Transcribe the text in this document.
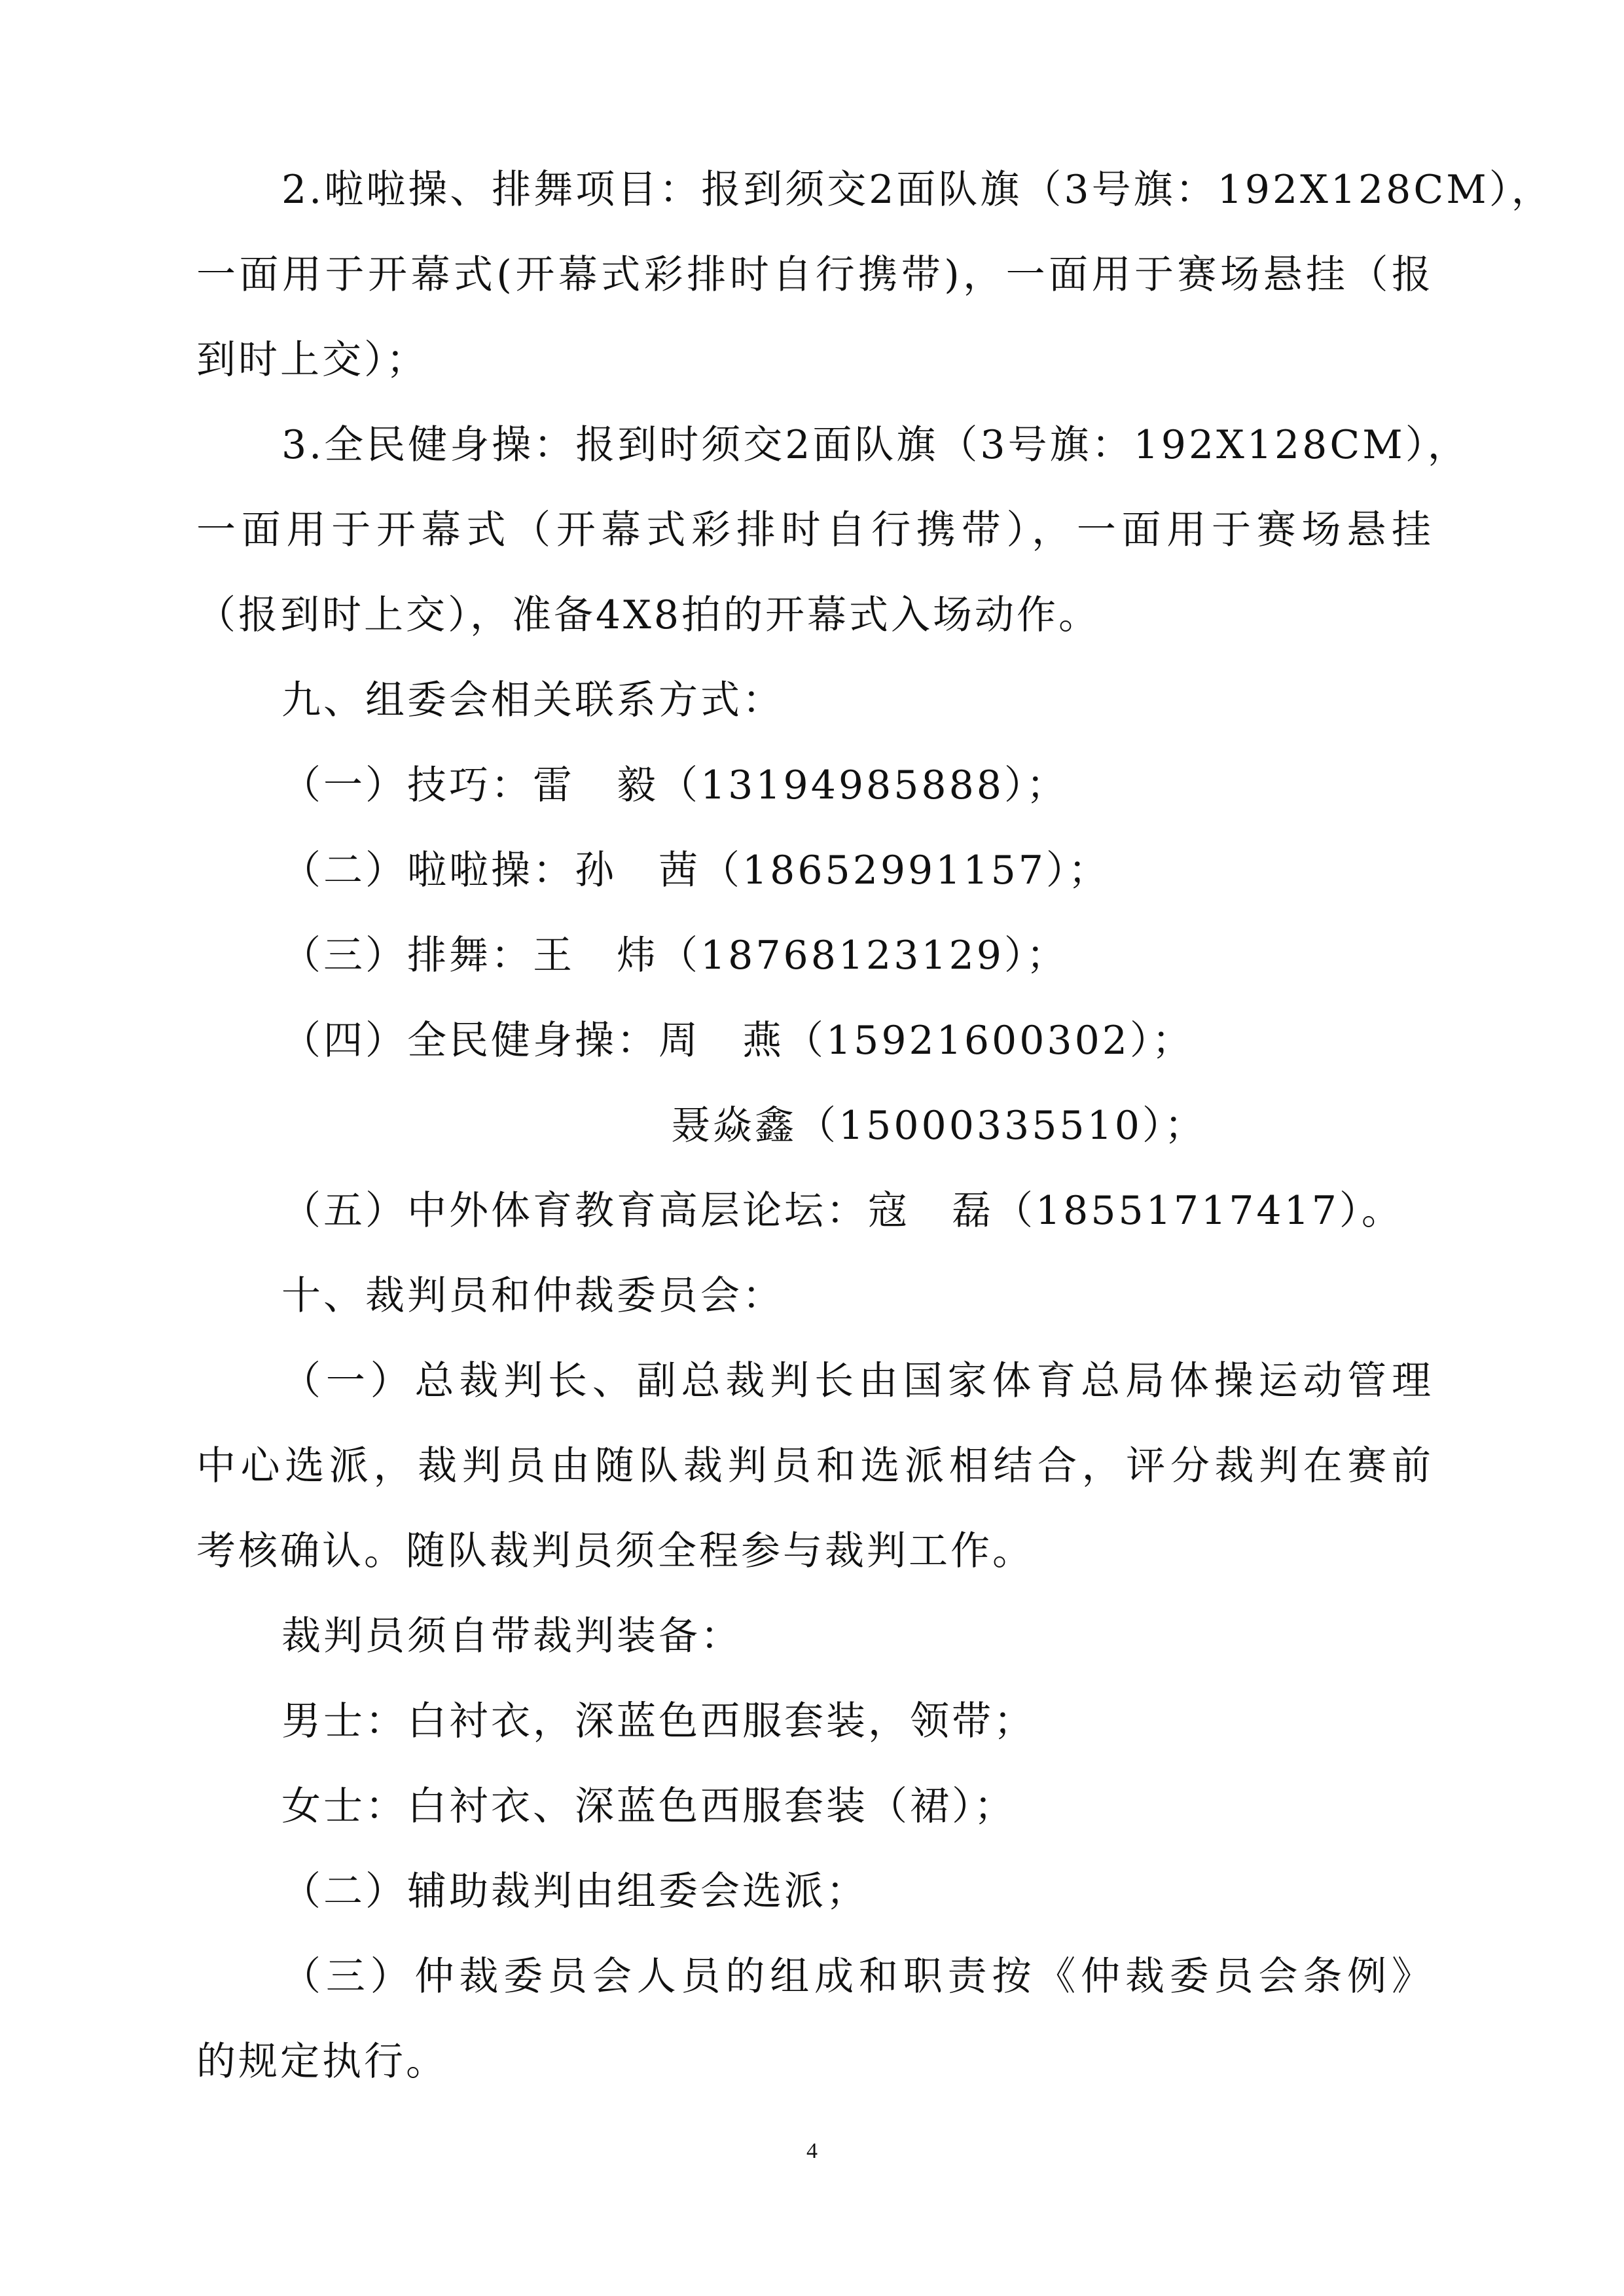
2.啦啦操、排舞项目：报到须交2面队旗（3号旗：192X128CM），
一面用于开幕式(开幕式彩排时自行携带)，一面用于赛场悬挂（报
到时上交）；
3.全民健身操：报到时须交2面队旗（3号旗：192X128CM），
一面用于开幕式（开幕式彩排时自行携带），一面用于赛场悬挂
（报到时上交），准备4X8拍的开幕式入场动作。
九、组委会相关联系方式：
（一）技巧：雷　毅（13194985888）；
（二）啦啦操：孙　茜（18652991157）；
（三）排舞：王　炜（18768123129）；
（四）全民健身操：周　燕（15921600302）；
聂焱鑫（15000335510）；
（五）中外体育教育高层论坛：寇　磊（18551717417）。
十、裁判员和仲裁委员会：
（一）总裁判长、副总裁判长由国家体育总局体操运动管理
中心选派，裁判员由随队裁判员和选派相结合，评分裁判在赛前
考核确认。随队裁判员须全程参与裁判工作。
裁判员须自带裁判装备：
男士：白衬衣，深蓝色西服套装，领带；
女士：白衬衣、深蓝色西服套装（裙）；
（二）辅助裁判由组委会选派；
（三）仲裁委员会人员的组成和职责按《仲裁委员会条例》
的规定执行。
4
